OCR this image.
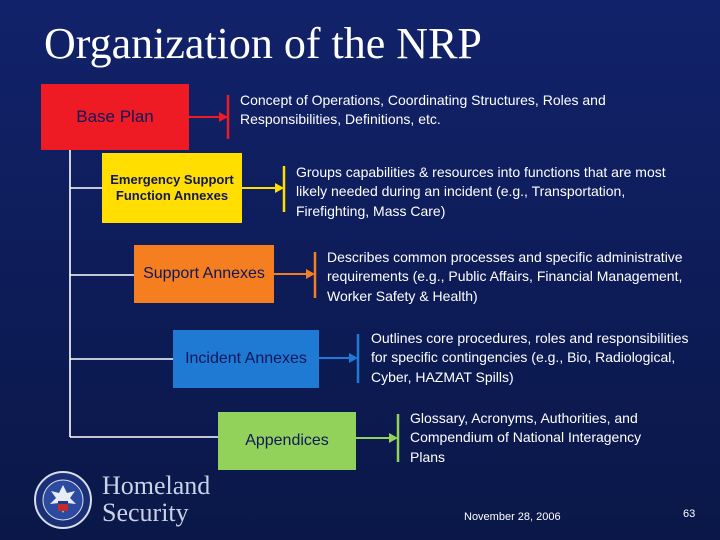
Organization of the NRP
Base Plan
Emergency Support Function Annexes
Support Annexes
Incident Annexes
Appendices
Concept of Operations, Coordinating Structures, Roles and Responsibilities, Definitions, etc.
Groups capabilities & resources into functions that are most likely needed during an incident (e.g., Transportation, Firefighting, Mass Care)
Describes common processes and specific administrative requirements (e.g., Public Affairs, Financial Management, Worker Safety & Health)
Outlines core procedures, roles and responsibilities for specific contingencies (e.g., Bio, Radiological, Cyber, HAZMAT Spills)
Glossary, Acronyms, Authorities, and Compendium of National Interagency Plans
Homeland
Security	November 28, 2006	63
